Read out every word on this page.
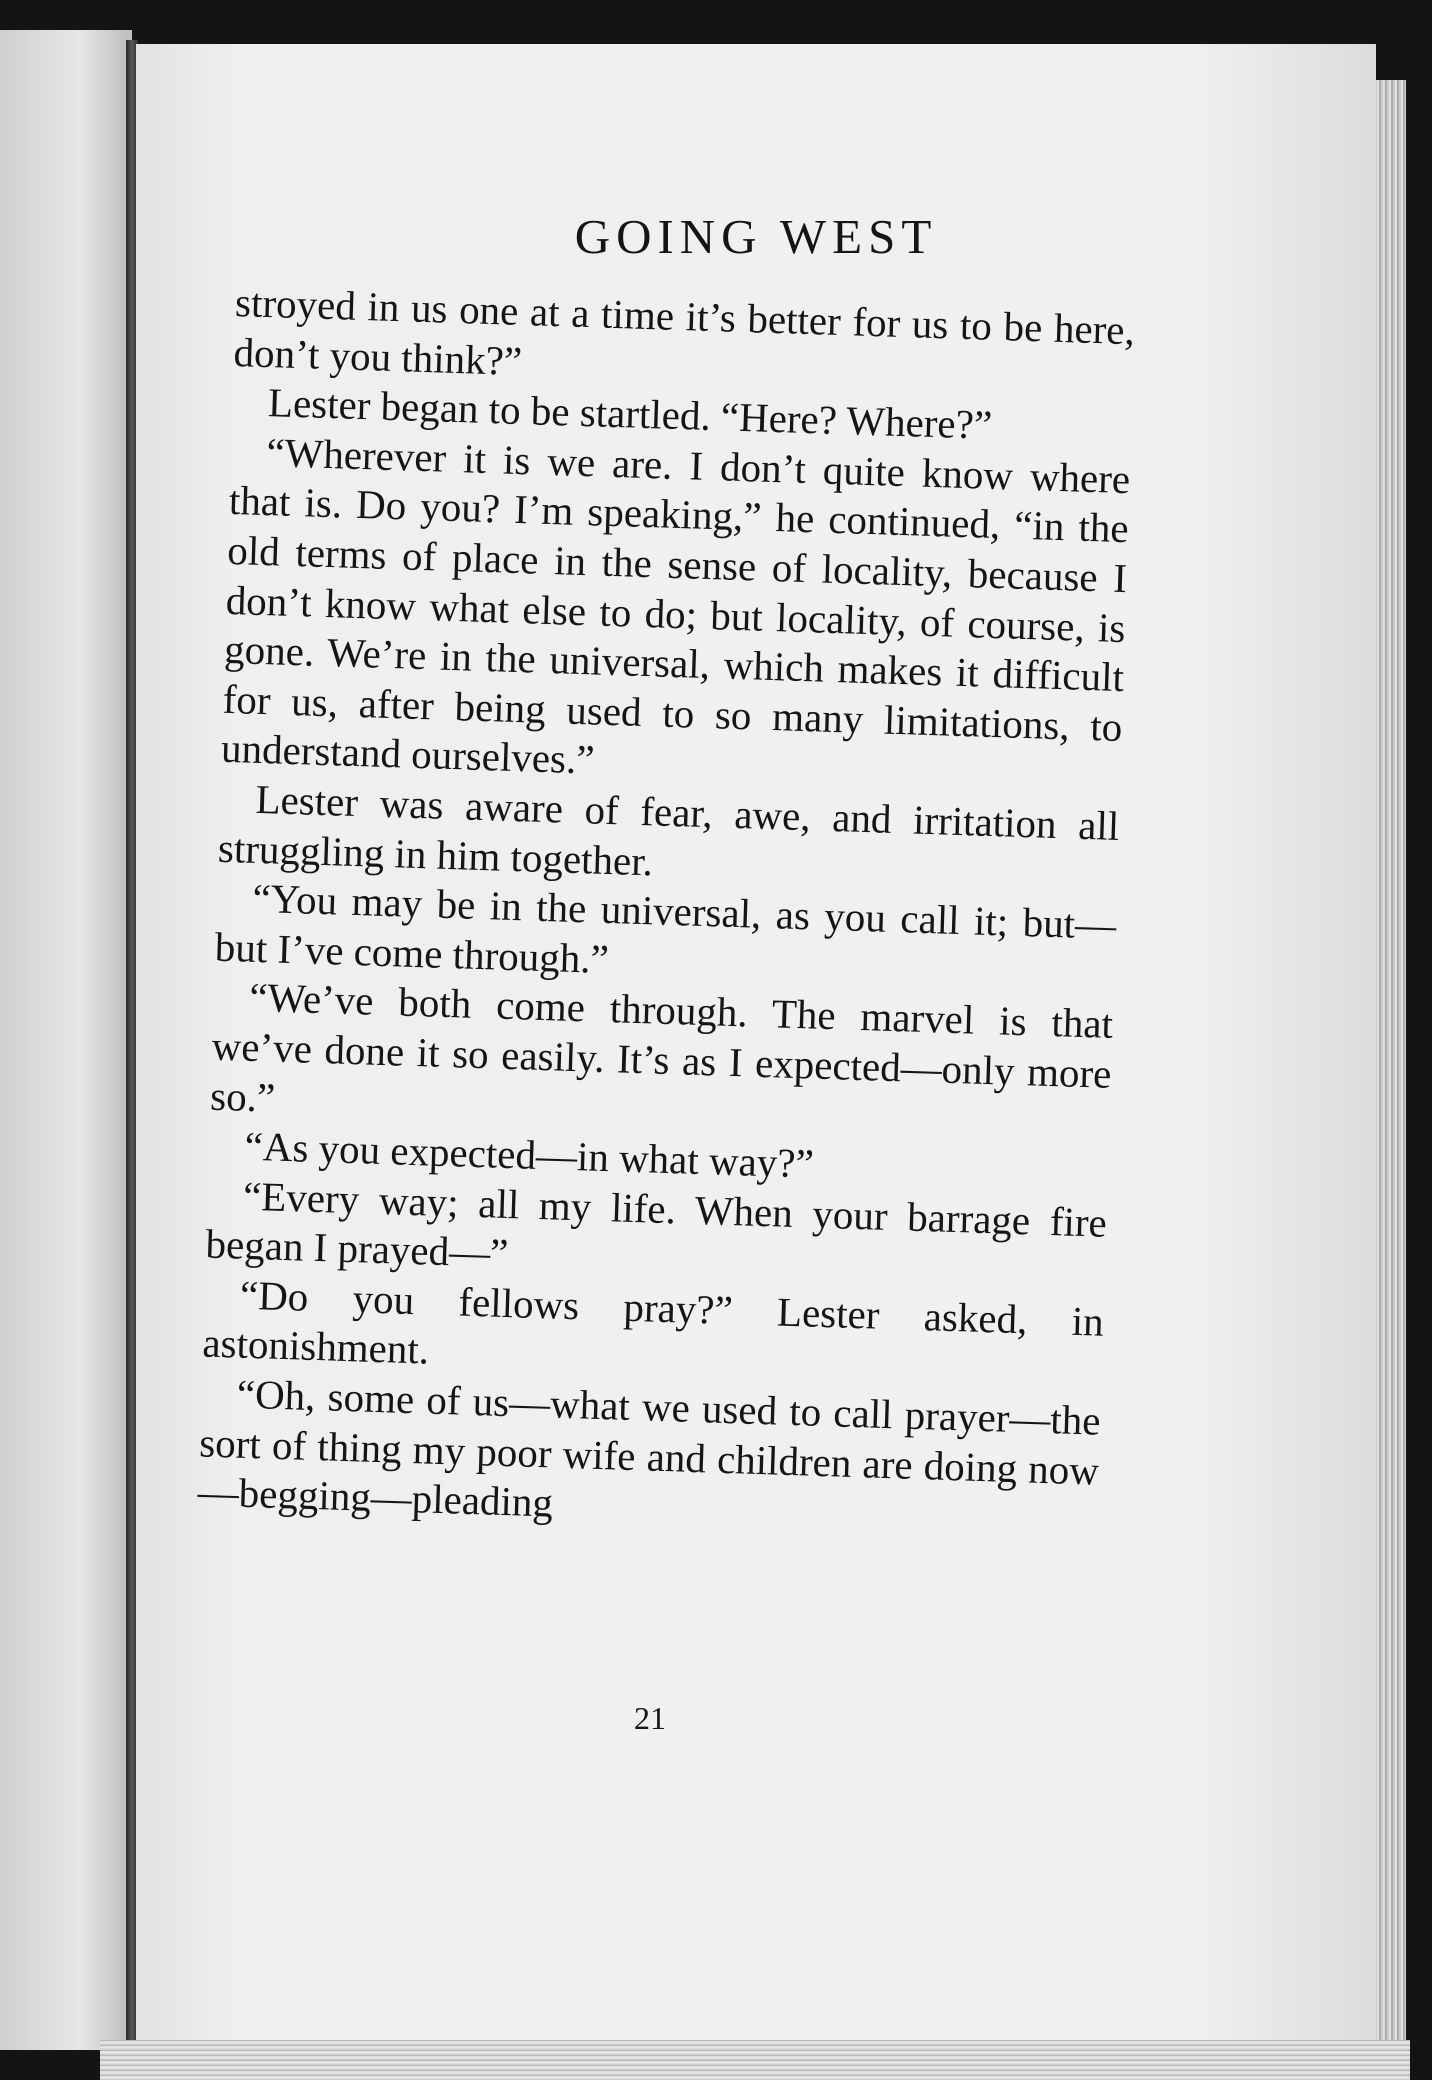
GOING WEST

stroyed in us one at a time it’s better for us to be here, don’t you think?”

Lester began to be startled. “Here? Where?”

“Wherever it is we are. I don’t quite know where that is. Do you? I’m speaking,” he continued, “in the old terms of place in the sense of locality, because I don’t know what else to do; but locality, of course, is gone. We’re in the universal, which makes it difficult for us, after being used to so many limitations, to understand ourselves.”

Lester was aware of fear, awe, and irritation all struggling in him together.

“You may be in the universal, as you call it; but—but I’ve come through.”

“We’ve both come through. The marvel is that we’ve done it so easily. It’s as I expected—only more so.”

“As you expected—in what way?”

“Every way; all my life. When your barrage fire began I prayed—”

“Do you fellows pray?” Lester asked, in astonishment.

“Oh, some of us—what we used to call prayer—the sort of thing my poor wife and children are doing now—begging—pleading

21
